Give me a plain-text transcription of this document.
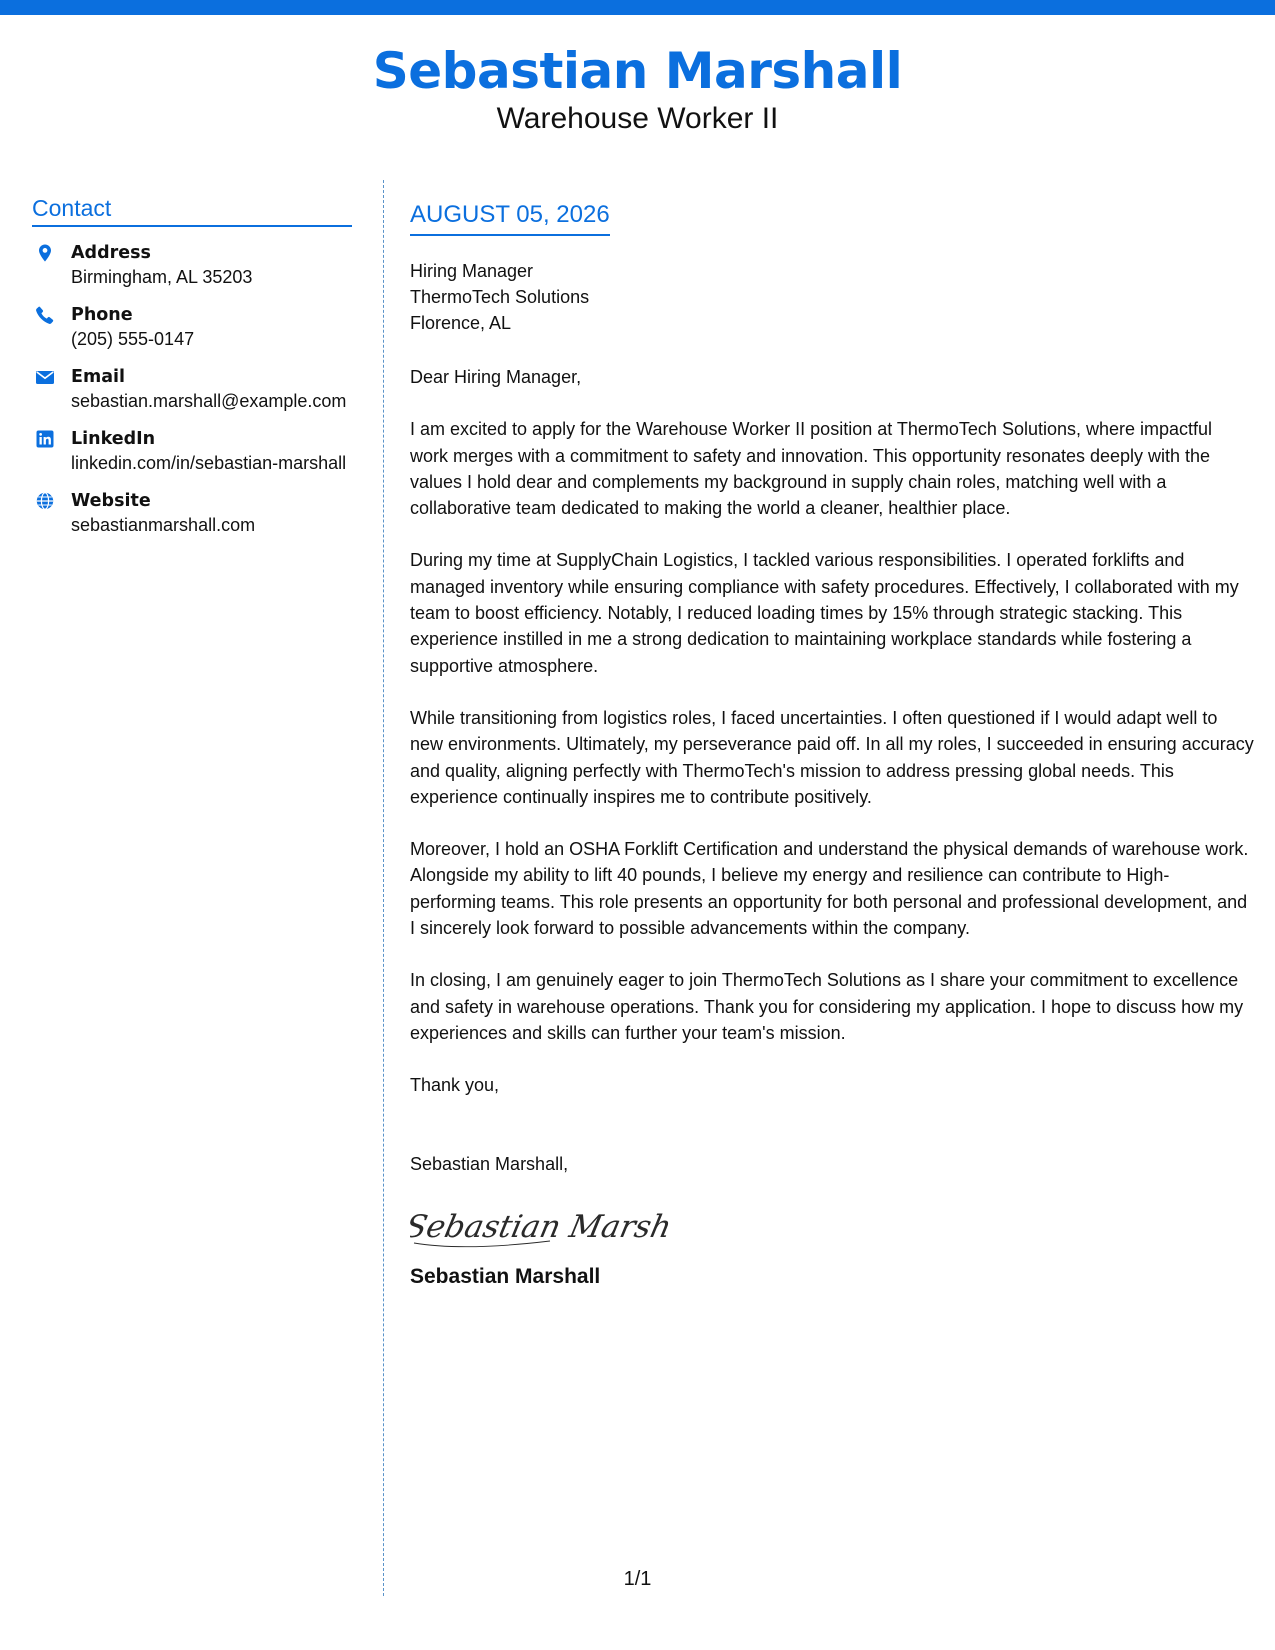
Sebastian Marshall
Warehouse Worker II
Contact
Address
Birmingham, AL 35203
Phone
(205) 555-0147
Email
sebastian.marshall@example.com
LinkedIn
linkedin.com/in/sebastian-marshall
Website
sebastianmarshall.com
AUGUST 05, 2026
Hiring Manager
ThermoTech Solutions
Florence, AL
Dear Hiring Manager,

I am excited to apply for the Warehouse Worker II position at ThermoTech Solutions, where impactful work merges with a commitment to safety and innovation. This opportunity resonates deeply with the values I hold dear and complements my background in supply chain roles, matching well with a collaborative team dedicated to making the world a cleaner, healthier place.

During my time at SupplyChain Logistics, I tackled various responsibilities. I operated forklifts and managed inventory while ensuring compliance with safety procedures. Effectively, I collaborated with my team to boost efficiency. Notably, I reduced loading times by 15% through strategic stacking. This experience instilled in me a strong dedication to maintaining workplace standards while fostering a supportive atmosphere.

While transitioning from logistics roles, I faced uncertainties. I often questioned if I would adapt well to new environments. Ultimately, my perseverance paid off. In all my roles, I succeeded in ensuring accuracy and quality, aligning perfectly with ThermoTech's mission to address pressing global needs. This experience continually inspires me to contribute positively.

Moreover, I hold an OSHA Forklift Certification and understand the physical demands of warehouse work. Alongside my ability to lift 40 pounds, I believe my energy and resilience can contribute to High-performing teams. This role presents an opportunity for both personal and professional development, and I sincerely look forward to possible advancements within the company.

In closing, I am genuinely eager to join ThermoTech Solutions as I share your commitment to excellence and safety in warehouse operations. Thank you for considering my application. I hope to discuss how my experiences and skills can further your team's mission.

Thank you,
Sebastian Marshall,
Sebastian Marsh
Sebastian Marshall
1/1
